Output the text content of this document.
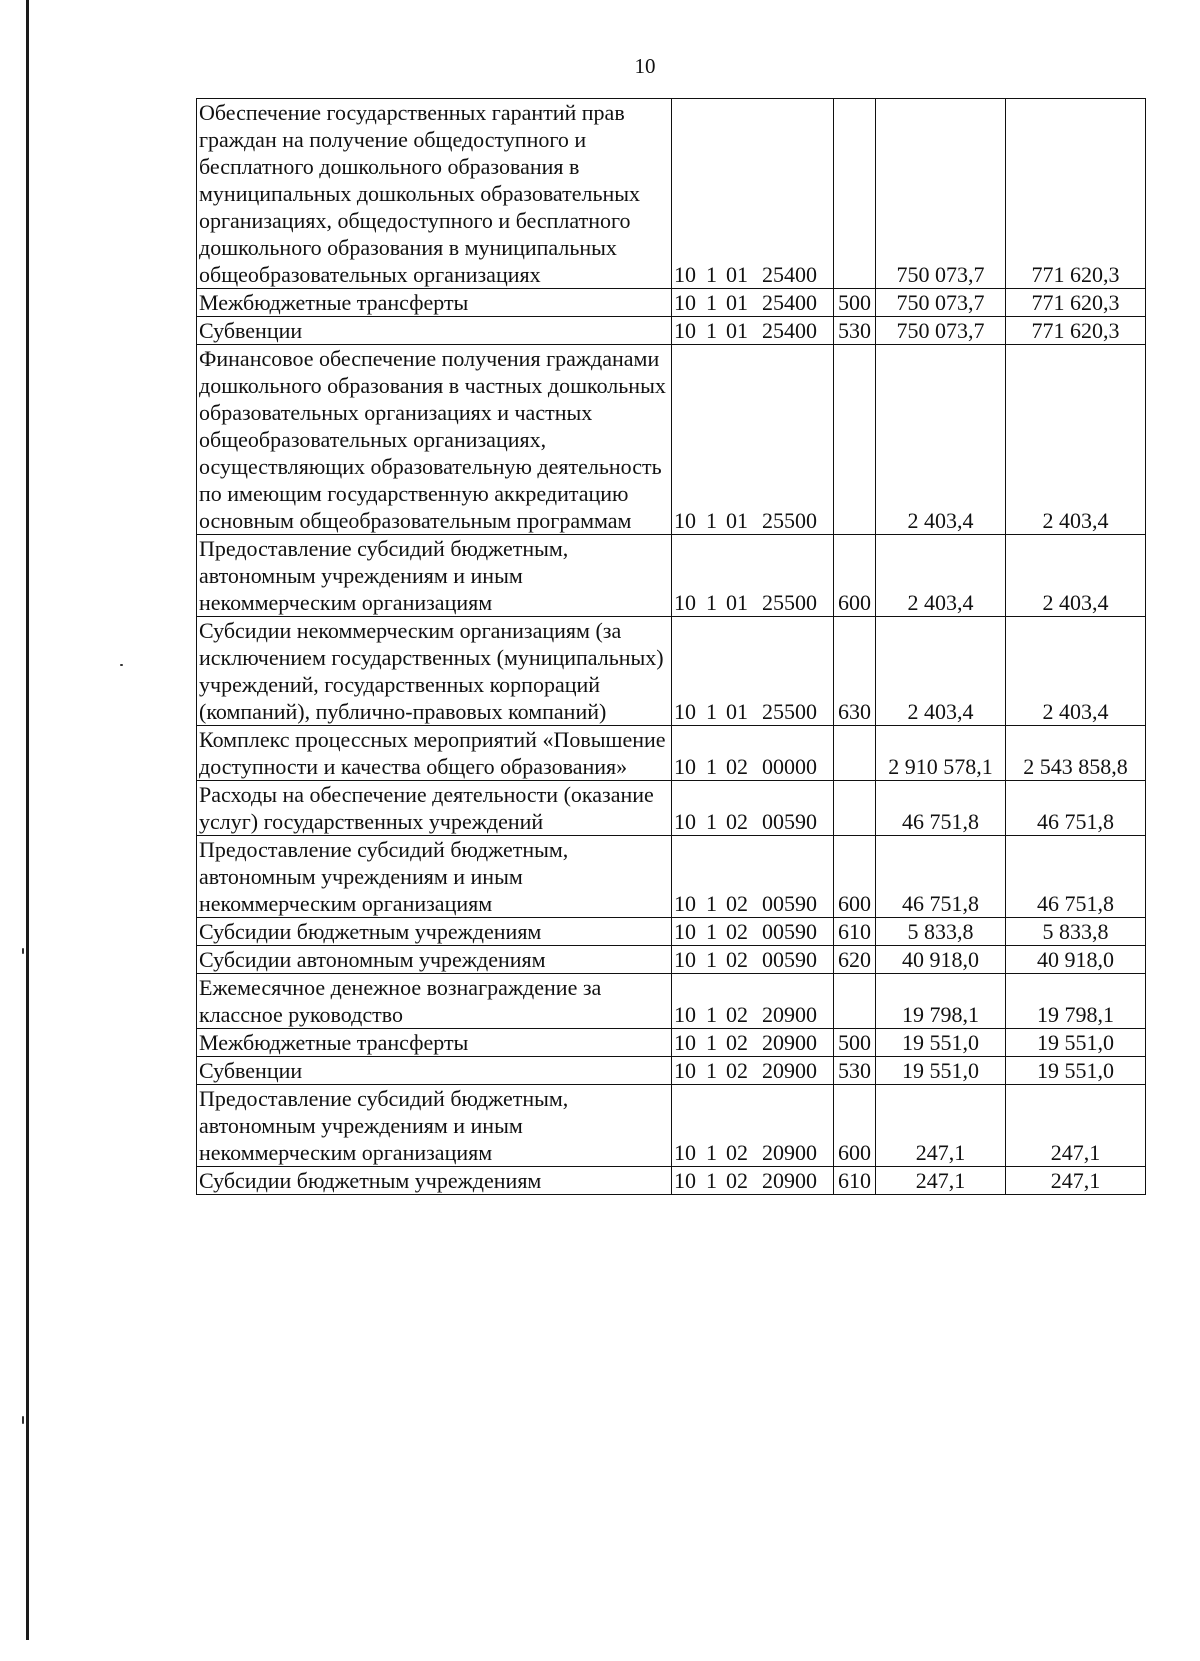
10
Обеспечение государственных гарантий прав граждан на получение общедоступного и бесплатного дошкольного образования в муниципальных дошкольных образовательных организациях, общедоступного и бесплатного дошкольного образования в муниципальных общеобразовательных организациях	10 1 01 25400		750 073,7	771 620,3
Межбюджетные трансферты	10 1 01 25400	500	750 073,7	771 620,3
Субвенции	10 1 01 25400	530	750 073,7	771 620,3
Финансовое обеспечение получения гражданами дошкольного образования в частных дошкольных образовательных организациях и частных общеобразовательных организациях, осуществляющих образовательную деятельность по имеющим государственную аккредитацию основным общеобразовательным программам	10 1 01 25500		2 403,4	2 403,4
Предоставление субсидий бюджетным, автономным учреждениям и иным некоммерческим организациям	10 1 01 25500	600	2 403,4	2 403,4
Субсидии некоммерческим организациям (за исключением государственных (муниципальных) учреждений, государственных корпораций (компаний), публично-правовых компаний)	10 1 01 25500	630	2 403,4	2 403,4
Комплекс процессных мероприятий «Повышение доступности и качества общего образования»	10 1 02 00000		2 910 578,1	2 543 858,8
Расходы на обеспечение деятельности (оказание услуг) государственных учреждений	10 1 02 00590		46 751,8	46 751,8
Предоставление субсидий бюджетным, автономным учреждениям и иным некоммерческим организациям	10 1 02 00590	600	46 751,8	46 751,8
Субсидии бюджетным учреждениям	10 1 02 00590	610	5 833,8	5 833,8
Субсидии автономным учреждениям	10 1 02 00590	620	40 918,0	40 918,0
Ежемесячное денежное вознаграждение за классное руководство	10 1 02 20900		19 798,1	19 798,1
Межбюджетные трансферты	10 1 02 20900	500	19 551,0	19 551,0
Субвенции	10 1 02 20900	530	19 551,0	19 551,0
Предоставление субсидий бюджетным, автономным учреждениям и иным некоммерческим организациям	10 1 02 20900	600	247,1	247,1
Субсидии бюджетным учреждениям	10 1 02 20900	610	247,1	247,1
